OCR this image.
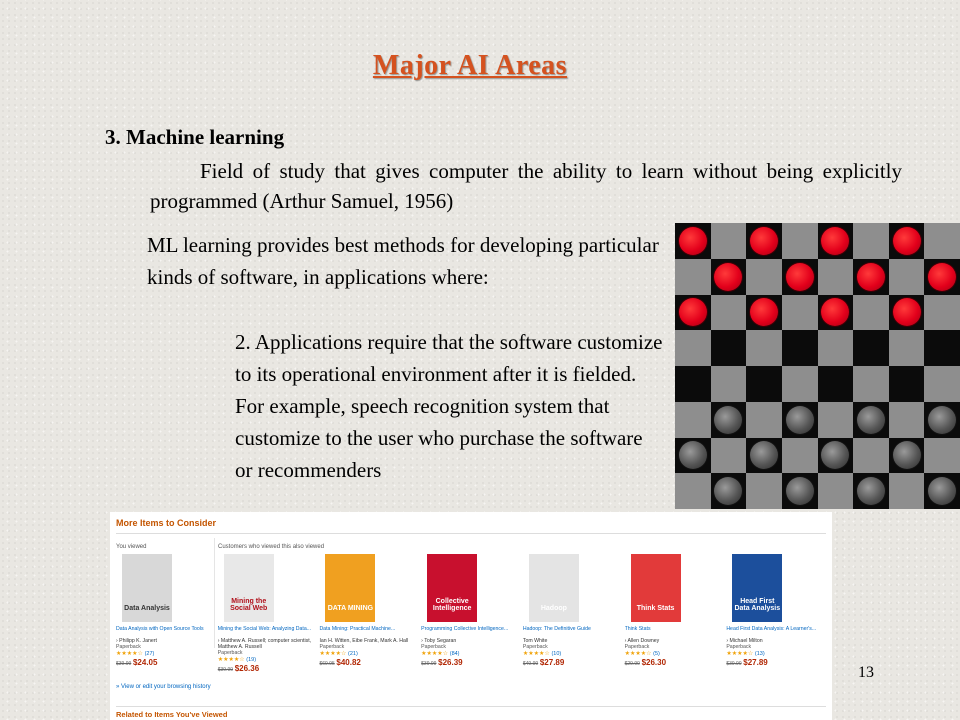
Major AI Areas
3. Machine learning
Field of study that gives computer the ability to learn without being explicitly programmed (Arthur Samuel, 1956)
ML learning provides best methods for developing particular kinds of software, in applications where:
2. Applications require that the software customize to its operational environment after it is fielded. For example, speech recognition system that customize to the user who purchase the software or recommenders
More Items to Consider
You viewed	Customers who viewed this also viewed
Data Analysis
Data Analysis with Open Source Tools
› Philipp K. Janert
Paperback
★★★★☆ (27)
$39.99 $24.05
Mining the Social Web
Mining the Social Web: Analyzing Data...
› Matthew A. Russell; computer scientist, Matthew A. Russell
Paperback
★★★★☆ (19)
$39.99 $26.36
DATA MINING
Data Mining: Practical Machine...
Ian H. Witten, Eibe Frank, Mark A. Hall
Paperback
★★★★☆ (21)
$69.95 $40.82
Collective Intelligence
Programming Collective Intelligence...
› Toby Segaran
Paperback
★★★★☆ (84)
$39.99 $26.39
Hadoop
Hadoop: The Definitive Guide
Tom White
Paperback
★★★★☆ (10)
$49.99 $27.89
Think Stats
Think Stats
› Allen Downey
Paperback
★★★★☆ (5)
$29.99 $26.30
Head First Data Analysis
Head First Data Analysis: A Learner's...
› Michael Milton
Paperback
★★★★☆ (13)
$39.99 $27.89
» View or edit your browsing history
Related to Items You've Viewed
13
